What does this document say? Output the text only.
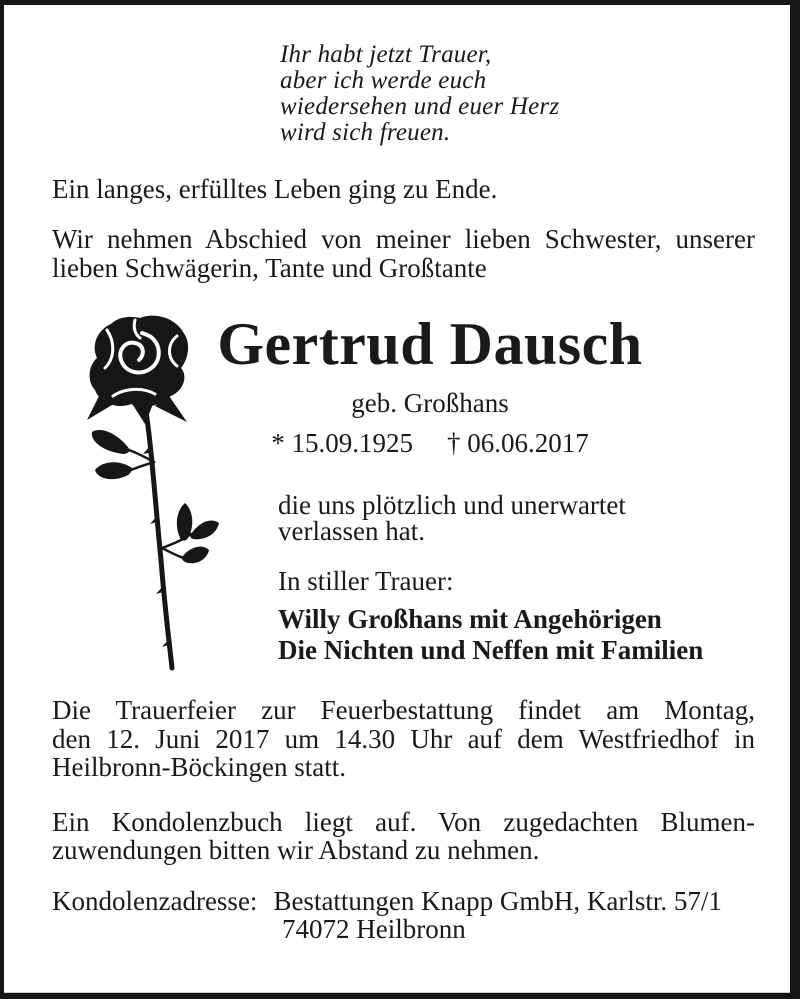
Ihr habt jetzt Trauer,
aber ich werde euch
wiedersehen und euer Herz
wird sich freuen.
Ein langes, erfülltes Leben ging zu Ende.
Wir nehmen Abschied von meiner lieben Schwester, unserer
lieben Schwägerin, Tante und Großtante
Gertrud Dausch
geb. Großhans
* 15.09.1925 † 06.06.2017
die uns plötzlich und unerwartet
verlassen hat.
In stiller Trauer:
Willy Großhans mit Angehörigen
Die Nichten und Neffen mit Familien
Die Trauerfeier zur Feuerbestattung findet am Montag,
den 12. Juni 2017 um 14.30 Uhr auf dem Westfriedhof in
Heilbronn-Böckingen statt.
Ein Kondolenzbuch liegt auf. Von zugedachten Blumen-
zuwendungen bitten wir Abstand zu nehmen.
Kondolenzadresse: Bestattungen Knapp GmbH, Karlstr. 57/1
74072 Heilbronn
